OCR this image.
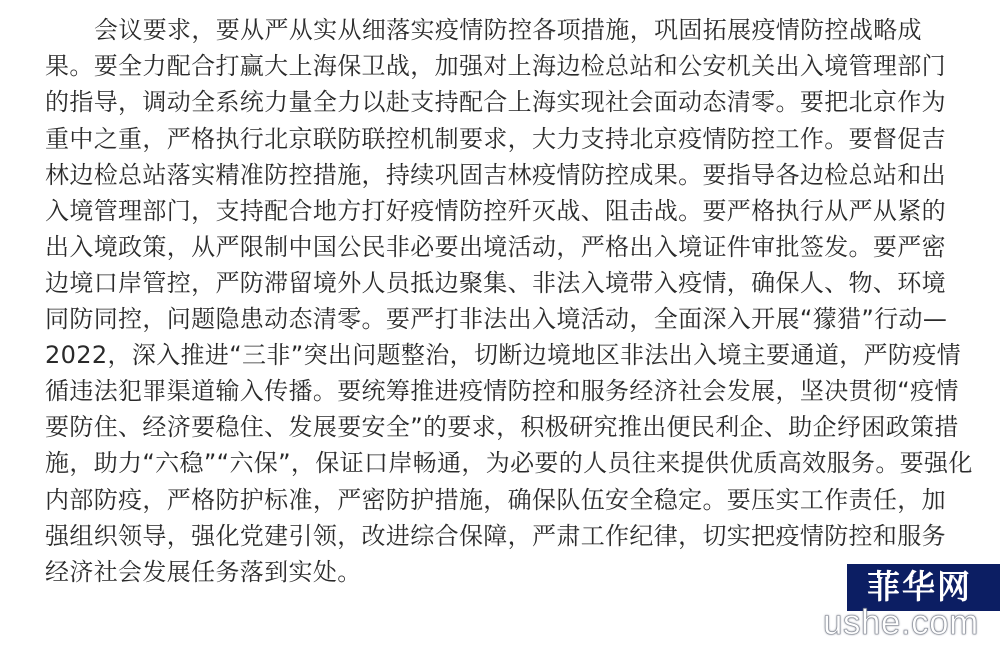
会议要求，要从严从实从细落实疫情防控各项措施，巩固拓展疫情防控战略成
果。要全力配合打赢大上海保卫战，加强对上海边检总站和公安机关出入境管理部门
的指导，调动全系统力量全力以赴支持配合上海实现社会面动态清零。要把北京作为
重中之重，严格执行北京联防联控机制要求，大力支持北京疫情防控工作。要督促吉
林边检总站落实精准防控措施，持续巩固吉林疫情防控成果。要指导各边检总站和出
入境管理部门，支持配合地方打好疫情防控歼灭战、阻击战。要严格执行从严从紧的
出入境政策，从严限制中国公民非必要出境活动，严格出入境证件审批签发。要严密
边境口岸管控，严防滞留境外人员抵边聚集、非法入境带入疫情，确保人、物、环境
同防同控，问题隐患动态清零。要严打非法出入境活动，全面深入开展“獴猎”行动—
2022，深入推进“三非”突出问题整治，切断边境地区非法出入境主要通道，严防疫情
循违法犯罪渠道输入传播。要统筹推进疫情防控和服务经济社会发展，坚决贯彻“疫情
要防住、经济要稳住、发展要安全”的要求，积极研究推出便民利企、助企纾困政策措
施，助力“六稳”“六保”，保证口岸畅通，为必要的人员往来提供优质高效服务。要强化
内部防疫，严格防护标准，严密防护措施，确保队伍安全稳定。要压实工作责任，加
强组织领导，强化党建引领，改进综合保障，严肃工作纪律，切实把疫情防控和服务
经济社会发展任务落到实处。	菲华网
ushe.com
